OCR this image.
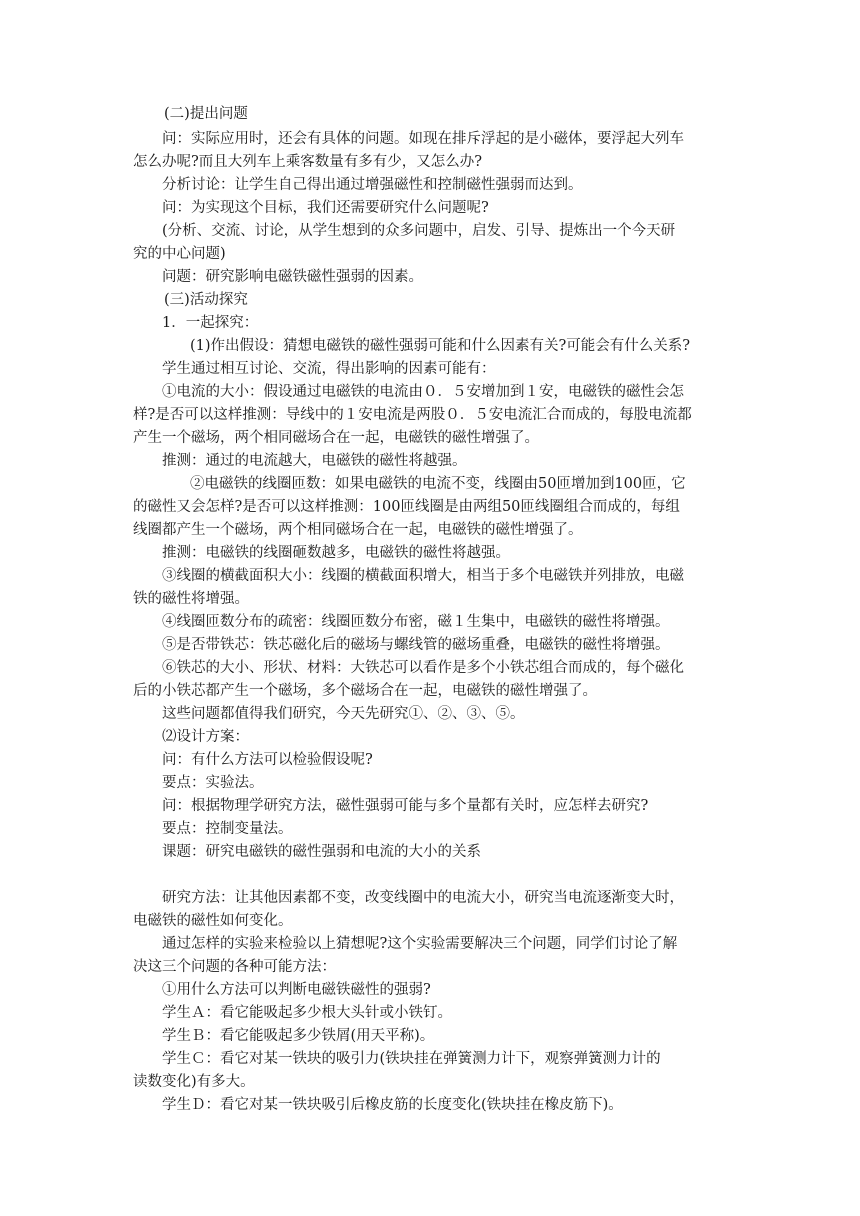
(二)提出问题
问：实际应用时，还会有具体的问题。如现在排斥浮起的是小磁体，要浮起大列车
怎么办呢?而且大列车上乘客数量有多有少，又怎么办?
分析讨论：让学生自己得出通过增强磁性和控制磁性强弱而达到。
问：为实现这个目标，我们还需要研究什么问题呢?
(分析、交流、讨论，从学生想到的众多问题中，启发、引导、提炼出一个今天研
究的中心问题)
问题：研究影响电磁铁磁性强弱的因素。
(三)活动探究
1．一起探究：
(1)作出假设：猜想电磁铁的磁性强弱可能和什么因素有关?可能会有什么关系?
学生通过相互讨论、交流，得出影响的因素可能有：
①电流的大小：假设通过电磁铁的电流由０．５安增加到１安，电磁铁的磁性会怎
样?是否可以这样推测：导线中的１安电流是两股０．５安电流汇合而成的，每股电流都
产生一个磁场，两个相同磁场合在一起，电磁铁的磁性增强了。
推测：通过的电流越大，电磁铁的磁性将越强。
②电磁铁的线圈匝数：如果电磁铁的电流不变，线圈由50匝增加到100匝，它
的磁性又会怎样?是否可以这样推测：100匝线圈是由两组50匝线圈组合而成的，每组
线圈都产生一个磁场，两个相同磁场合在一起，电磁铁的磁性增强了。
推测：电磁铁的线圈砸数越多，电磁铁的磁性将越强。
③线圈的横截面积大小：线圈的横截面积增大，相当于多个电磁铁并列排放，电磁
铁的磁性将增强。
④线圈匝数分布的疏密：线圈匝数分布密，磁１生集中，电磁铁的磁性将增强。
⑤是否带铁芯：铁芯磁化后的磁场与螺线管的磁场重叠，电磁铁的磁性将增强。
⑥铁芯的大小、形状、材料：大铁芯可以看作是多个小铁芯组合而成的，每个磁化
后的小铁芯都产生一个磁场，多个磁场合在一起，电磁铁的磁性增强了。
这些问题都值得我们研究，今天先研究①、②、③、⑤。
⑵设计方案：
问：有什么方法可以检验假设呢?
要点：实验法。
问：根据物理学研究方法，磁性强弱可能与多个量都有关时，应怎样去研究?
要点：控制变量法。
课题：研究电磁铁的磁性强弱和电流的大小的关系
研究方法：让其他因素都不变，改变线圈中的电流大小，研究当电流逐渐变大时，
电磁铁的磁性如何变化。
通过怎样的实验来检验以上猜想呢?这个实验需要解决三个问题，同学们讨论了解
决这三个问题的各种可能方法：
①用什么方法可以判断电磁铁磁性的强弱?
学生Ａ：看它能吸起多少根大头针或小铁钉。
学生Ｂ：看它能吸起多少铁屑(用天平称)。
学生Ｃ：看它对某一铁块的吸引力(铁块挂在弹簧测力计下，观察弹簧测力计的
读数变化)有多大。
学生Ｄ：看它对某一铁块吸引后橡皮筋的长度变化(铁块挂在橡皮筋下)。
